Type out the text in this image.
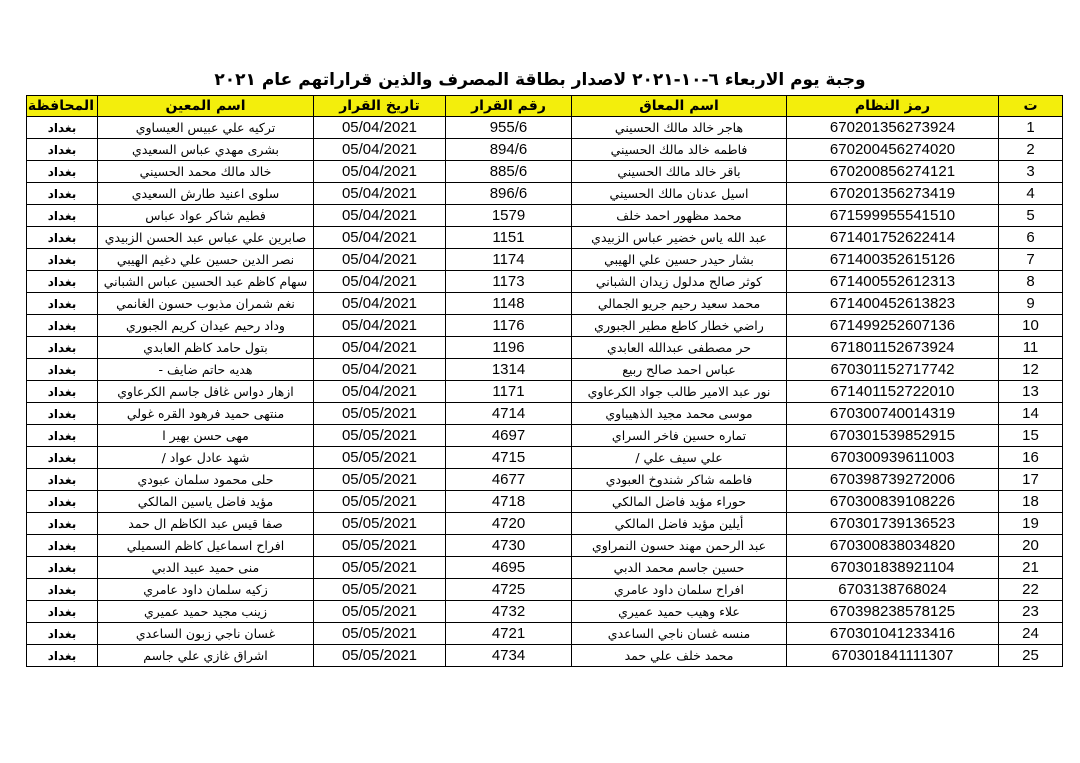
وجبة يوم الاربعاء ٦-١٠-٢٠٢١ لاصدار بطاقة المصرف والذين قراراتهم عام ٢٠٢١
ت	رمز النظام	اسم المعاق	رقم القرار	تاريخ القرار	اسم المعين	المحافظة
1	670201356273924	هاجر خالد مالك الحسيني	955/6	05/04/2021	تركيه علي عبيس العيساوي	بغداد
2	670200456274020	فاطمه خالد مالك الحسيني	894/6	05/04/2021	بشرى مهدي عباس السعيدي	بغداد
3	670200856274121	باقر خالد مالك الحسيني	885/6	05/04/2021	خالد مالك محمد الحسيني	بغداد
4	670201356273419	اسيل عدنان مالك الحسيني	896/6	05/04/2021	سلوى اعنيد طارش السعيدي	بغداد
5	671599955541510	محمد مظهور احمد خلف	1579	05/04/2021	فطيم شاكر عواد عباس	بغداد
6	671401752622414	عبد الله ياس خضير عباس الزبيدي	1151	05/04/2021	صابرين علي عباس عبد الحسن الزبيدي	بغداد
7	671400352615126	بشار حيدر حسين علي الهيبي	1174	05/04/2021	نصر الدين حسين علي دغيم الهيبي	بغداد
8	671400552612313	كوثر صالح مدلول زيدان الشباني	1173	05/04/2021	سهام كاظم عبد الحسين عباس الشباني	بغداد
9	671400452613823	محمد سعيد رحيم جريو الجمالي	1148	05/04/2021	نغم شمران مذبوب حسون الغانمي	بغداد
10	671499252607136	راضي خطار كاطع مطير الجبوري	1176	05/04/2021	وداد رحيم عيدان كريم الجبوري	بغداد
11	671801152673924	حر مصطفى عبدالله العابدي	1196	05/04/2021	بتول حامد كاظم العابدي	بغداد
12	670301152717742	عباس احمد صالح ربيع	1314	05/04/2021	هديه حاتم ضايف -	بغداد
13	671401152722010	نور عبد الامير طالب جواد الكرعاوي	1171	05/04/2021	ازهار دواس غافل جاسم الكرعاوي	بغداد
14	670300740014319	موسى محمد مجيد الذهيباوي	4714	05/05/2021	منتهى حميد فرهود القره غولي	بغداد
15	670301539852915	تماره حسين فاخر السراي	4697	05/05/2021	مهى حسن بهير ا	بغداد
16	670300939611003	علي سيف علي /	4715	05/05/2021	شهد عادل عواد /	بغداد
17	670398739272006	فاطمه شاكر شندوخ العبودي	4677	05/05/2021	حلى محمود سلمان عبودي	بغداد
18	670300839108226	حوراء مؤيد فاضل المالكي	4718	05/05/2021	مؤيد فاضل ياسين المالكي	بغداد
19	670301739136523	أيلين مؤيد فاضل المالكي	4720	05/05/2021	صفا قيس عبد الكاظم ال حمد	بغداد
20	670300838034820	عبد الرحمن مهند حسون النمراوي	4730	05/05/2021	افراح اسماعيل كاظم السميلي	بغداد
21	670301838921104	حسين جاسم محمد الدبي	4695	05/05/2021	منى حميد عبيد الدبي	بغداد
22	6703138768024	افراح سلمان داود عامري	4725	05/05/2021	زكيه سلمان داود عامري	بغداد
23	670398238578125	علاء وهيب حميد عميري	4732	05/05/2021	زينب مجيد حميد عميري	بغداد
24	670301041233416	منسه غسان ناجي الساعدي	4721	05/05/2021	غسان ناجي زبون الساعدي	بغداد
25	670301841111307	محمد خلف علي حمد	4734	05/05/2021	اشراق غازي علي جاسم	بغداد
